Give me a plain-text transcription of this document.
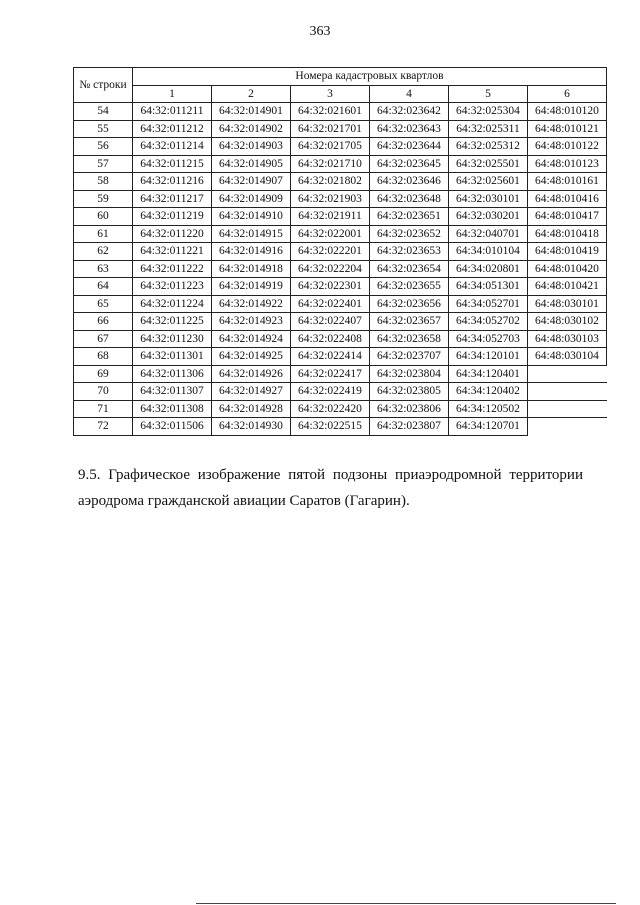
363
№ строки	Номера кадастровых квартлов					
	1	2	3	4	5	6
54	64:32:011211	64:32:014901	64:32:021601	64:32:023642	64:32:025304	64:48:010120
55	64:32:011212	64:32:014902	64:32:021701	64:32:023643	64:32:025311	64:48:010121
56	64:32:011214	64:32:014903	64:32:021705	64:32:023644	64:32:025312	64:48:010122
57	64:32:011215	64:32:014905	64:32:021710	64:32:023645	64:32:025501	64:48:010123
58	64:32:011216	64:32:014907	64:32:021802	64:32:023646	64:32:025601	64:48:010161
59	64:32:011217	64:32:014909	64:32:021903	64:32:023648	64:32:030101	64:48:010416
60	64:32:011219	64:32:014910	64:32:021911	64:32:023651	64:32:030201	64:48:010417
61	64:32:011220	64:32:014915	64:32:022001	64:32:023652	64:32:040701	64:48:010418
62	64:32:011221	64:32:014916	64:32:022201	64:32:023653	64:34:010104	64:48:010419
63	64:32:011222	64:32:014918	64:32:022204	64:32:023654	64:34:020801	64:48:010420
64	64:32:011223	64:32:014919	64:32:022301	64:32:023655	64:34:051301	64:48:010421
65	64:32:011224	64:32:014922	64:32:022401	64:32:023656	64:34:052701	64:48:030101
66	64:32:011225	64:32:014923	64:32:022407	64:32:023657	64:34:052702	64:48:030102
67	64:32:011230	64:32:014924	64:32:022408	64:32:023658	64:34:052703	64:48:030103
68	64:32:011301	64:32:014925	64:32:022414	64:32:023707	64:34:120101	64:48:030104
69	64:32:011306	64:32:014926	64:32:022417	64:32:023804	64:34:120401	
70	64:32:011307	64:32:014927	64:32:022419	64:32:023805	64:34:120402	
71	64:32:011308	64:32:014928	64:32:022420	64:32:023806	64:34:120502	
72	64:32:011506	64:32:014930	64:32:022515	64:32:023807	64:34:120701	
9.5. Графическое изображение пятой подзоны приаэродромной территории
аэродрома гражданской авиации Саратов (Гагарин).
